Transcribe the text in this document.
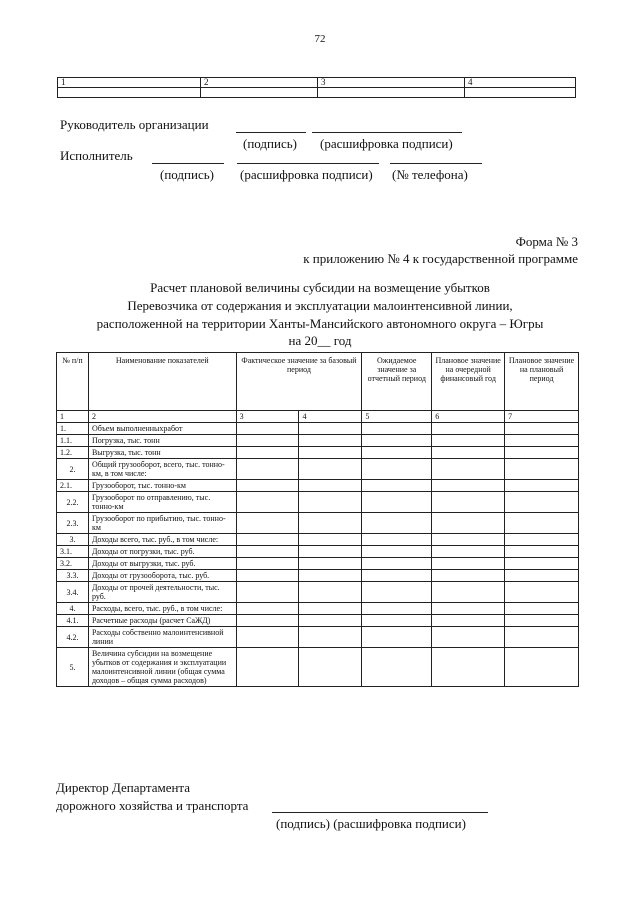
72
1	2	3	4

Руководитель организации
(подпись) (расшифровка подписи)
Исполнитель
(подпись) (расшифровка подписи) (№ телефона)
Форма № 3
к приложению № 4 к государственной программе
Расчет плановой величины субсидии на возмещение убытков
Перевозчика от содержания и эксплуатации малоинтенсивной линии,
расположенной на территории Ханты-Мансийского автономного округа – Югры
на 20__ год
№ п/п	Наименование показателей	Фактическое значение за базовый период		Ожидаемое значение за отчетный период	Плановое значение на очередной финансовый год	Плановое значение на плановый период
1	2	3	4	5	6	7
1.	Объем выполненныхработ					
1.1.	Погрузка, тыс. тонн					
1.2.	Выгрузка, тыс. тонн					
2.	Общий грузооборот, всего, тыс. тонно-км, в том числе:					
2.1.	Грузооборот, тыс. тонно-км					
2.2.	Грузооборот по отправлению, тыс. тонно-км					
2.3.	Грузооборот по прибытию, тыс. тонно-км					
3.	Доходы всего, тыс. руб., в том числе:					
3.1.	Доходы от погрузки, тыс. руб.					
3.2.	Доходы от выгрузки, тыс. руб.					
3.3.	Доходы от грузооборота, тыс. руб.					
3.4.	Доходы от прочей деятельности, тыс. руб.					
4.	Расходы, всего, тыс. руб., в том числе:					
4.1.	Расчетные расходы (расчет СаЖД)					
4.2.	Расходы собственно малоинтенсивной линии					
5.	Величина субсидии на возмещение убытков от содержания и эксплуатации малоинтенсивной линии (общая сумма доходов – общая сумма расходов)					
Директор Департамента
дорожного хозяйства и транспорта
(подпись) (расшифровка подписи)
